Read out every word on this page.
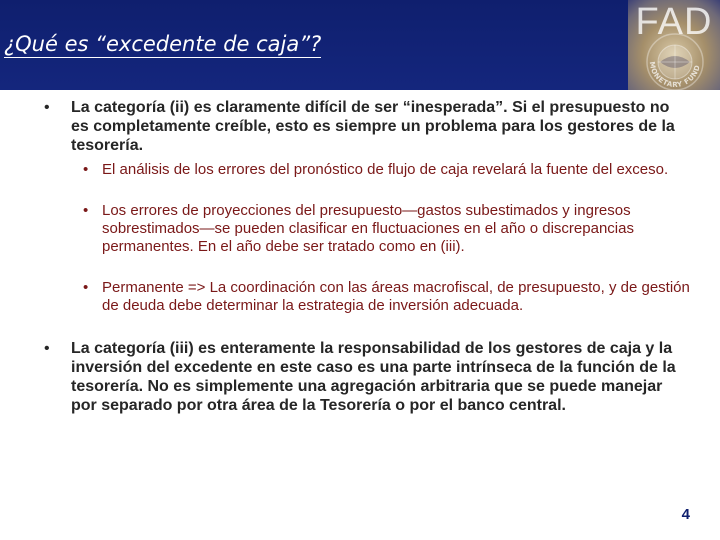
¿Qué es “excedente de caja”?
MONETARY FUND
FAD
• La categoría (ii) es claramente difícil de ser “inesperada”. Si el presupuesto no es completamente creíble, esto es siempre un problema para los gestores de la tesorería.
• El análisis de los errores del pronóstico de flujo de caja revelará la fuente del exceso.
• Los errores de proyecciones del presupuesto—gastos subestimados y ingresos sobrestimados—se pueden clasificar en fluctuaciones en el año o discrepancias permanentes. En el año debe ser tratado como en (iii).
• Permanente => La coordinación con las áreas macrofiscal, de presupuesto, y de gestión de deuda debe determinar la estrategia de inversión adecuada.
• La categoría (iii) es enteramente la responsabilidad de los gestores de caja y la inversión del excedente en este caso es una parte intrínseca de la función de la tesorería. No es simplemente una agregación arbitraria que se puede manejar por separado por otra área de la Tesorería o por el banco central.
4
